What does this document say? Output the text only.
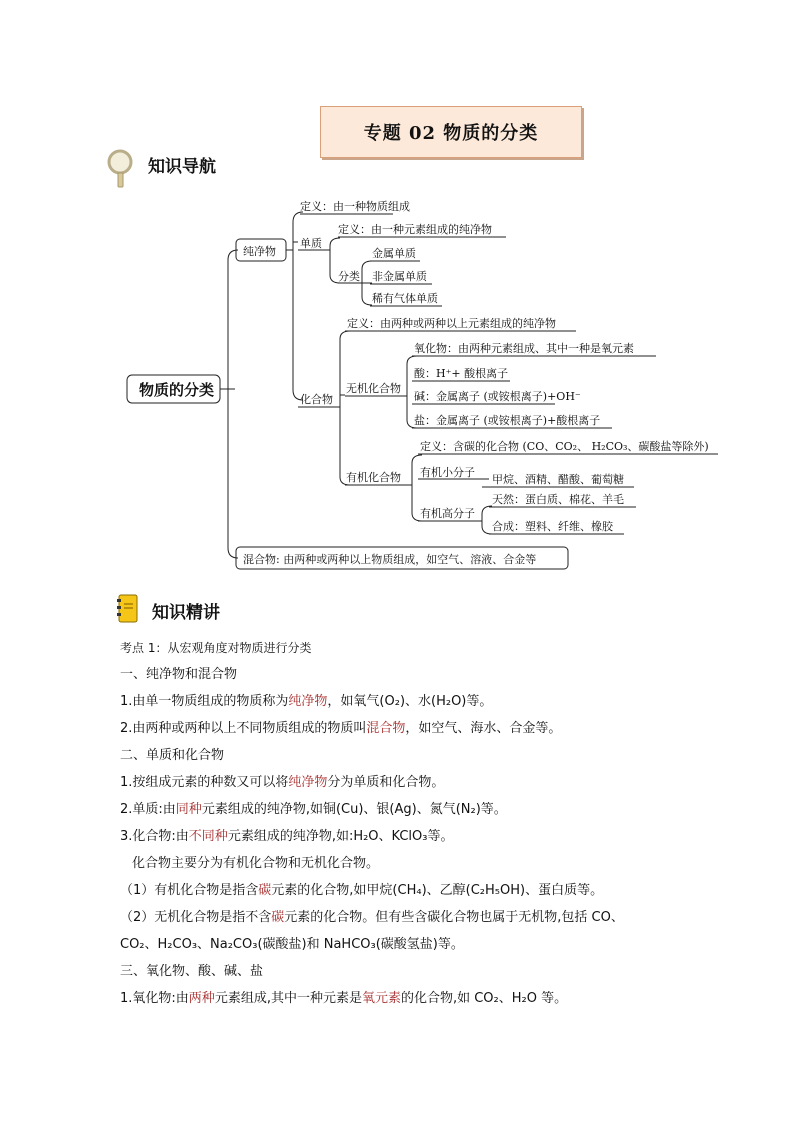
专题 02 物质的分类
知识导航
物质的分类
纯净物
定义：由一种物质组成
单质
定义：由一种元素组成的纯净物
分类
金属单质
非金属单质
稀有气体单质
化合物
定义：由两种或两种以上元素组成的纯净物
无机化合物
氧化物：由两种元素组成、其中一种是氧元素
酸：H⁺+ 酸根离子
碱：金属离子 (或铵根离子)+OH⁻
盐：金属离子 (或铵根离子)+酸根离子
有机化合物
定义：含碳的化合物 (CO、CO₂、 H₂CO₃、碳酸盐等除外)
有机小分子
甲烷、酒精、醋酸、葡萄糖
有机高分子
天然：蛋白质、棉花、羊毛
合成：塑料、纤维、橡胶
混合物: 由两种或两种以上物质组成，如空气、溶液、合金等
知识精讲

考点 1：从宏观角度对物质进行分类

一、纯净物和混合物

1.由单一物质组成的物质称为纯净物，如氧气(O₂)、水(H₂O)等。

2.由两种或两种以上不同物质组成的物质叫混合物，如空气、海水、合金等。

二、单质和化合物

1.按组成元素的种数又可以将纯净物分为单质和化合物。

2.单质:由同种元素组成的纯净物,如铜(Cu)、银(Ag)、氮气(N₂)等。

3.化合物:由不同种元素组成的纯净物,如:H₂O、KClO₃等。

化合物主要分为有机化合物和无机化合物。

（1）有机化合物是指含碳元素的化合物,如甲烷(CH₄)、乙醇(C₂H₅OH)、蛋白质等。

（2）无机化合物是指不含碳元素的化合物。但有些含碳化合物也属于无机物,包括 CO、

CO₂、H₂CO₃、Na₂CO₃(碳酸盐)和 NaHCO₃(碳酸氢盐)等。

三、氧化物、酸、碱、盐

1.氧化物:由两种元素组成,其中一种元素是氧元素的化合物,如 CO₂、H₂O 等。
